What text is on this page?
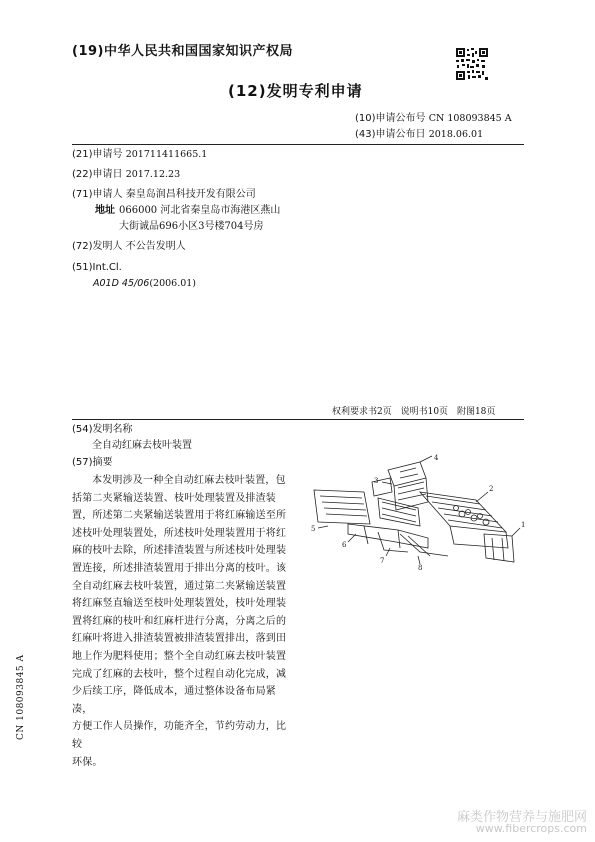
(19)中华人民共和国国家知识产权局
(12)发明专利申请
(10)申请公布号 CN 108093845 A
(43)申请公布日 2018.06.01
(21)申请号 201711411665.1
(22)申请日 2017.12.23
(71)申请人 秦皇岛润昌科技开发有限公司
地址 066000 河北省秦皇岛市海港区燕山
大街诚品696小区3号楼704号房
(72)发明人 不公告发明人
(51)Int.Cl.
A01D 45/06(2006.01)
权利要求书2页 说明书10页 附图18页
(54)发明名称
全自动红麻去枝叶装置
(57)摘要
本发明涉及一种全自动红麻去枝叶装置，包
括第二夹紧输送装置、枝叶处理装置及排渣装
置，所述第二夹紧输送装置用于将红麻输送至所
述枝叶处理装置处，所述枝叶处理装置用于将红
麻的枝叶去除，所述排渣装置与所述枝叶处理装
置连接，所述排渣装置用于排出分离的枝叶。该
全自动红麻去枝叶装置，通过第二夹紧输送装置
将红麻竖直输送至枝叶处理装置处，枝叶处理装
置将红麻的枝叶和红麻杆进行分离，分离之后的
红麻叶将进入排渣装置被排渣装置排出，落到田
地上作为肥料使用；整个全自动红麻去枝叶装置
完成了红麻的去枝叶，整个过程自动化完成，减
少后续工序，降低成本，通过整体设备布局紧凑，
方便工作人员操作，功能齐全，节约劳动力，比较
环保。
4
3
2
1
5
6
7
8
CN 108093845 A
麻类作物营养与施肥网
www.fibercrops.com
